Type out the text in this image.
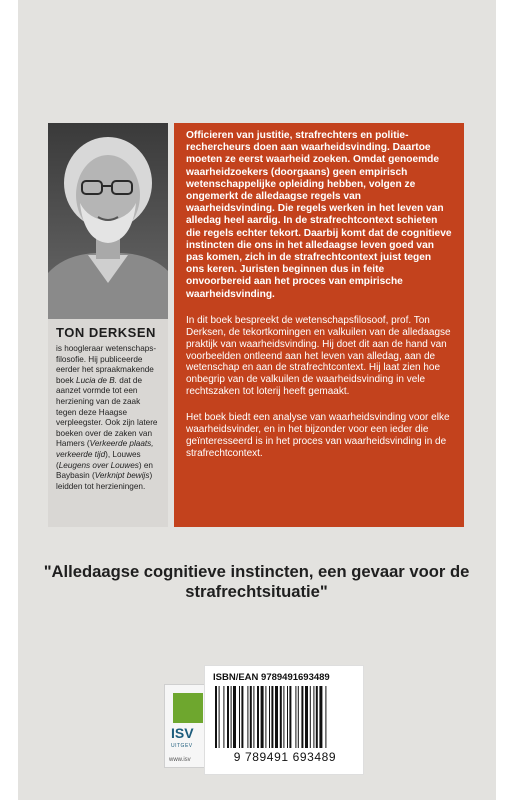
TON DERKSEN

is hoogleraar wetenschapsfilosofie. Hij publiceerde eerder het spraakmakende boek Lucia de B. dat de aanzet vormde tot een herziening van de zaak tegen deze Haagse verpleegster. Ook zijn latere boeken over de zaken van Hamers (Verkeerde plaats, verkeerde tijd), Louwes (Leugens over Louwes) en Baybasin (Verknipt bewijs) leidden tot herzieningen.

Officieren van justitie, strafrechters en politierechercheurs doen aan waarheidsvinding. Daartoe moeten ze eerst waarheid zoeken. Omdat genoemde waarheidzoekers (doorgaans) geen empirisch wetenschappelijke opleiding hebben, volgen ze ongemerkt de alledaagse regels van waarheidsvinding. Die regels werken in het leven van alledag heel aardig. In de strafrechtcontext schieten die regels echter tekort. Daarbij komt dat de cognitieve instincten die ons in het alledaagse leven goed van pas komen, zich in de strafrechtcontext juist tegen ons keren. Juristen beginnen dus in feite onvoorbereid aan het proces van empirische waarheidsvinding.

In dit boek bespreekt de wetenschapsfilosoof, prof. Ton Derksen, de tekortkomingen en valkuilen van de alledaagse praktijk van waarheidsvinding. Hij doet dit aan de hand van voorbeelden ontleend aan het leven van alledag, aan de wetenschap en aan de strafrechtcontext. Hij laat zien hoe onbegrip van de valkuilen de waarheidsvinding in vele rechtszaken tot loterij heeft gemaakt.

Het boek biedt een analyse van waarheidsvinding voor elke waarheidsvinder, en in het bijzonder voor een ieder die geïnteresseerd is in het proces van waarheidsvinding in de strafrechtcontext.

"Alledaagse cognitieve instincten, een gevaar voor de strafrechtsituatie"

ISV
UITGEV
www.isv
ISBN/EAN 9789491693489
9 789491 693489
